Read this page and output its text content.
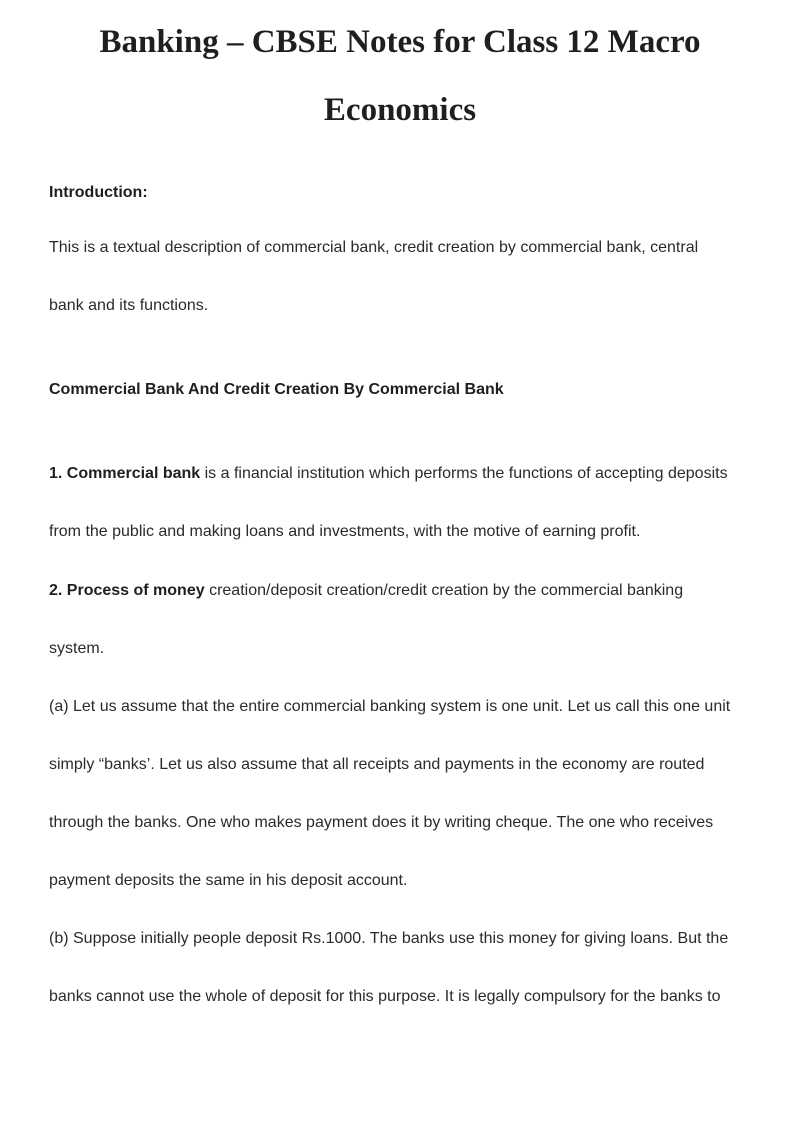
Banking – CBSE Notes for Class 12 Macro
Economics

Introduction:

This is a textual description of commercial bank, credit creation by commercial bank, central

bank and its functions.

Commercial Bank And Credit Creation By Commercial Bank

1. Commercial bank is a financial institution which performs the functions of accepting deposits

from the public and making loans and investments, with the motive of earning profit.

2. Process of money creation/deposit creation/credit creation by the commercial banking

system.

(a) Let us assume that the entire commercial banking system is one unit. Let us call this one unit

simply “banks’. Let us also assume that all receipts and payments in the economy are routed

through the banks. One who makes payment does it by writing cheque. The one who receives

payment deposits the same in his deposit account.

(b) Suppose initially people deposit Rs.1000. The banks use this money for giving loans. But the

banks cannot use the whole of deposit for this purpose. It is legally compulsory for the banks to
